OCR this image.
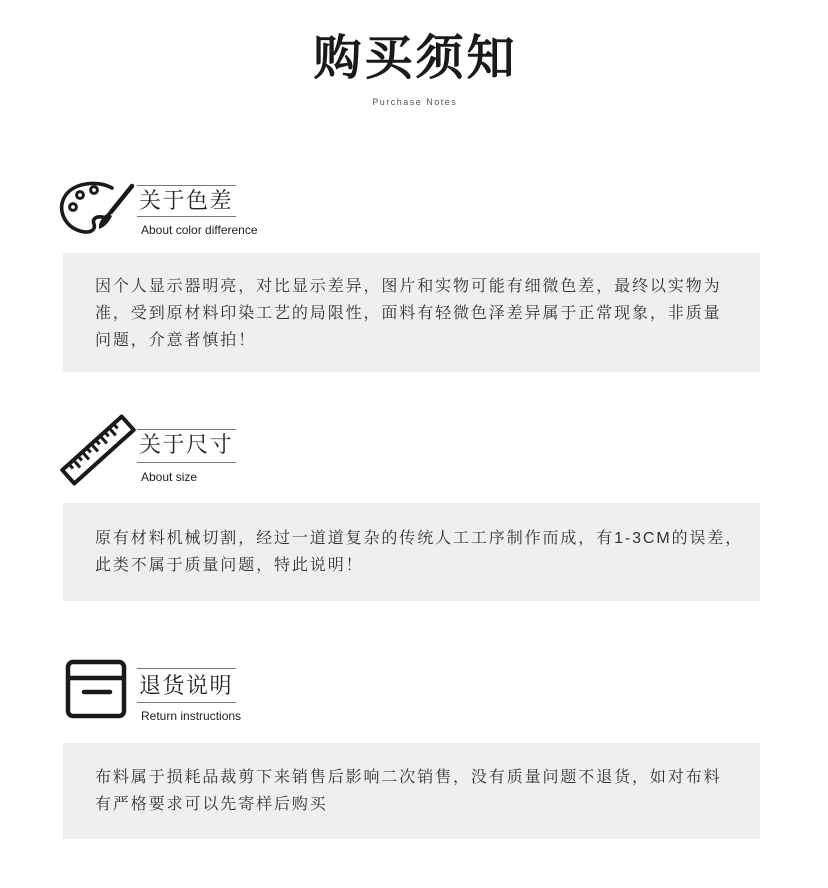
购买须知
Purchase Notes
关于色差
About color difference
因个人显示器明亮，对比显示差异，图片和实物可能有细微色差，最终以实物为
准，受到原材料印染工艺的局限性，面料有轻微色泽差异属于正常现象，非质量
问题，介意者慎拍！
关于尺寸
About size
原有材料机械切割，经过一道道复杂的传统人工工序制作而成，有1-3CM的误差，
此类不属于质量问题，特此说明！
退货说明
Return instructions
布料属于损耗品裁剪下来销售后影响二次销售，没有质量问题不退货，如对布料
有严格要求可以先寄样后购买
